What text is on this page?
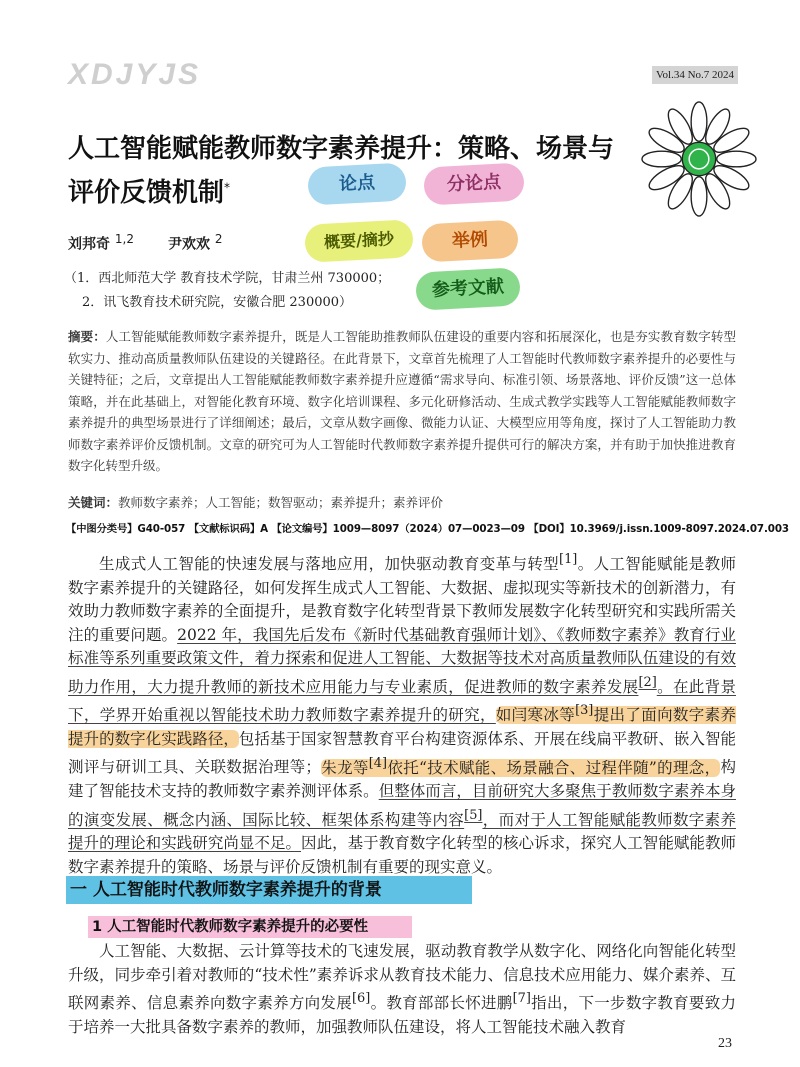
XDJYJS	Vol.34 No.7 2024
人工智能赋能教师数字素养提升：策略、场景与
评价反馈机制*
刘邦奇 1,2 尹欢欢 2
（1．西北师范大学 教育技术学院，甘肃兰州 730000；
2．讯飞教育技术研究院，安徽合肥 230000）
论点	分论点
概要/摘抄	举例
参考文献
摘要：人工智能赋能教师数字素养提升，既是人工智能助推教师队伍建设的重要内容和拓展深化，也是夯实教育数字转型软实力、推动高质量教师队伍建设的关键路径。在此背景下，文章首先梳理了人工智能时代教师数字素养提升的必要性与关键特征；之后，文章提出人工智能赋能教师数字素养提升应遵循“需求导向、标准引领、场景落地、评价反馈”这一总体策略，并在此基础上，对智能化教育环境、数字化培训课程、多元化研修活动、生成式教学实践等人工智能赋能教师数字素养提升的典型场景进行了详细阐述；最后，文章从数字画像、微能力认证、大模型应用等角度，探讨了人工智能助力教师数字素养评价反馈机制。文章的研究可为人工智能时代教师数字素养提升提供可行的解决方案，并有助于加快推进教育数字化转型升级。
关键词：教师数字素养；人工智能；数智驱动；素养提升；素养评价
【中图分类号】G40-057 【文献标识码】A 【论文编号】1009—8097（2024）07—0023—09 【DOI】10.3969/j.issn.1009-8097.2024.07.003
生成式人工智能的快速发展与落地应用，加快驱动教育变革与转型[1]。人工智能赋能是教师数字素养提升的关键路径，如何发挥生成式人工智能、大数据、虚拟现实等新技术的创新潜力，有效助力教师数字素养的全面提升，是教育数字化转型背景下教师发展数字化转型研究和实践所需关注的重要问题。2022 年，我国先后发布《新时代基础教育强师计划》、《教师数字素养》教育行业标准等系列重要政策文件，着力探索和促进人工智能、大数据等技术对高质量教师队伍建设的有效助力作用，大力提升教师的新技术应用能力与专业素质，促进教师的数字素养发展[2]。在此背景下，学界开始重视以智能技术助力教师数字素养提升的研究，如闫寒冰等[3]提出了面向数字素养提升的数字化实践路径，包括基于国家智慧教育平台构建资源体系、开展在线扁平教研、嵌入智能测评与研训工具、关联数据治理等；朱龙等[4]依托“技术赋能、场景融合、过程伴随”的理念，构建了智能技术支持的教师数字素养测评体系。但整体而言，目前研究大多聚焦于教师数字素养本身的演变发展、概念内涵、国际比较、框架体系构建等内容[5]，而对于人工智能赋能教师数字素养提升的理论和实践研究尚显不足。因此，基于教育数字化转型的核心诉求，探究人工智能赋能教师数字素养提升的策略、场景与评价反馈机制有重要的现实意义。
一 人工智能时代教师数字素养提升的背景
1 人工智能时代教师数字素养提升的必要性
人工智能、大数据、云计算等技术的飞速发展，驱动教育教学从数字化、网络化向智能化转型升级，同步牵引着对教师的“技术性”素养诉求从教育技术能力、信息技术应用能力、媒介素养、互联网素养、信息素养向数字素养方向发展[6]。教育部部长怀进鹏[7]指出，下一步数字教育要致力于培养一大批具备数字素养的教师，加强教师队伍建设，将人工智能技术融入教育
23
